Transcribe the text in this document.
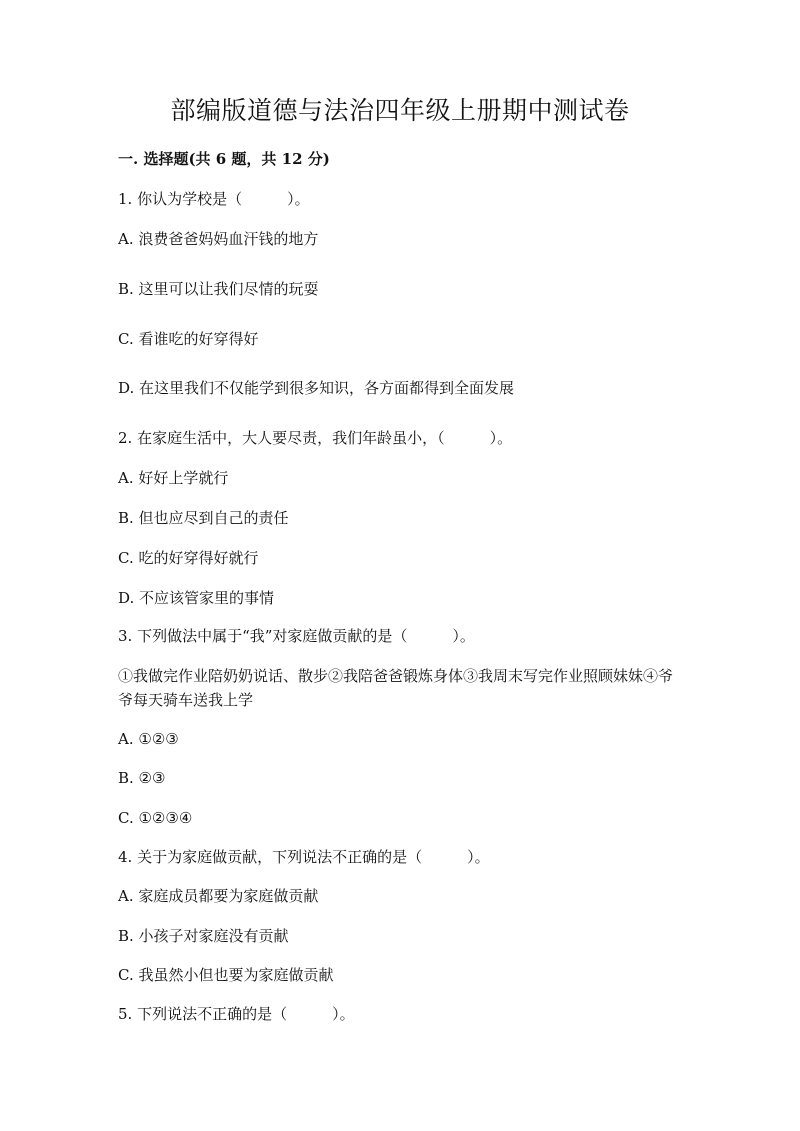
部编版道德与法治四年级上册期中测试卷
一. 选择题(共 6 题，共 12 分)
1. 你认为学校是（　　　）。
A. 浪费爸爸妈妈血汗钱的地方
B. 这里可以让我们尽情的玩耍
C. 看谁吃的好穿得好
D. 在这里我们不仅能学到很多知识，各方面都得到全面发展
2. 在家庭生活中，大人要尽责，我们年龄虽小，（　　　）。
A. 好好上学就行
B. 但也应尽到自己的责任
C. 吃的好穿得好就行
D. 不应该管家里的事情
3. 下列做法中属于“我”对家庭做贡献的是（　　　）。
①我做完作业陪奶奶说话、散步②我陪爸爸锻炼身体③我周末写完作业照顾妹妹④爷爷每天骑车送我上学
A. ①②③
B. ②③
C. ①②③④
4. 关于为家庭做贡献，下列说法不正确的是（　　　）。
A. 家庭成员都要为家庭做贡献
B. 小孩子对家庭没有贡献
C. 我虽然小但也要为家庭做贡献
5. 下列说法不正确的是（　　　）。
